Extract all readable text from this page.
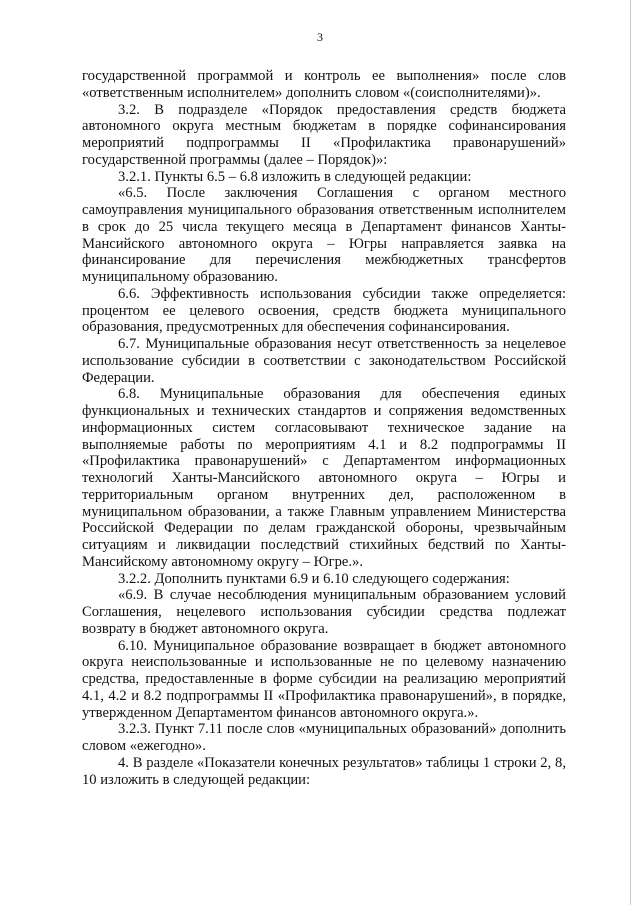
3

государственной программой и контроль ее выполнения» после слов «ответственным исполнителем» дополнить словом «(соисполнителями)».

3.2. В подразделе «Порядок предоставления средств бюджета автономного округа местным бюджетам в порядке софинансирования мероприятий подпрограммы II «Профилактика правонарушений» государственной программы (далее – Порядок)»:

3.2.1. Пункты 6.5 – 6.8 изложить в следующей редакции:

«6.5. После заключения Соглашения с органом местного самоуправления муниципального образования ответственным исполнителем в срок до 25 числа текущего месяца в Департамент финансов Ханты-Мансийского автономного округа – Югры направляется заявка на финансирование для перечисления межбюджетных трансфертов муниципальному образованию.

6.6. Эффективность использования субсидии также определяется: процентом ее целевого освоения, средств бюджета муниципального образования, предусмотренных для обеспечения софинансирования.

6.7. Муниципальные образования несут ответственность за нецелевое использование субсидии в соответствии с законодательством Российской Федерации.

6.8. Муниципальные образования для обеспечения единых функциональных и технических стандартов и сопряжения ведомственных информационных систем согласовывают техническое задание на выполняемые работы по мероприятиям 4.1 и 8.2 подпрограммы II «Профилактика правонарушений» с Департаментом информационных технологий Ханты-Мансийского автономного округа – Югры и территориальным органом внутренних дел, расположенном в муниципальном образовании, а также Главным управлением Министерства Российской Федерации по делам гражданской обороны, чрезвычайным ситуациям и ликвидации последствий стихийных бедствий по Ханты-Мансийскому автономному округу – Югре.».

3.2.2. Дополнить пунктами 6.9 и 6.10 следующего содержания:

«6.9. В случае несоблюдения муниципальным образованием условий Соглашения, нецелевого использования субсидии средства подлежат возврату в бюджет автономного округа.

6.10. Муниципальное образование возвращает в бюджет автономного округа неиспользованные и использованные не по целевому назначению средства, предоставленные в форме субсидии на реализацию мероприятий 4.1, 4.2 и 8.2 подпрограммы II «Профилактика правонарушений», в порядке, утвержденном Департаментом финансов автономного округа.».

3.2.3. Пункт 7.11 после слов «муниципальных образований» дополнить словом «ежегодно».

4. В разделе «Показатели конечных результатов» таблицы 1 строки 2, 8, 10 изложить в следующей редакции:
